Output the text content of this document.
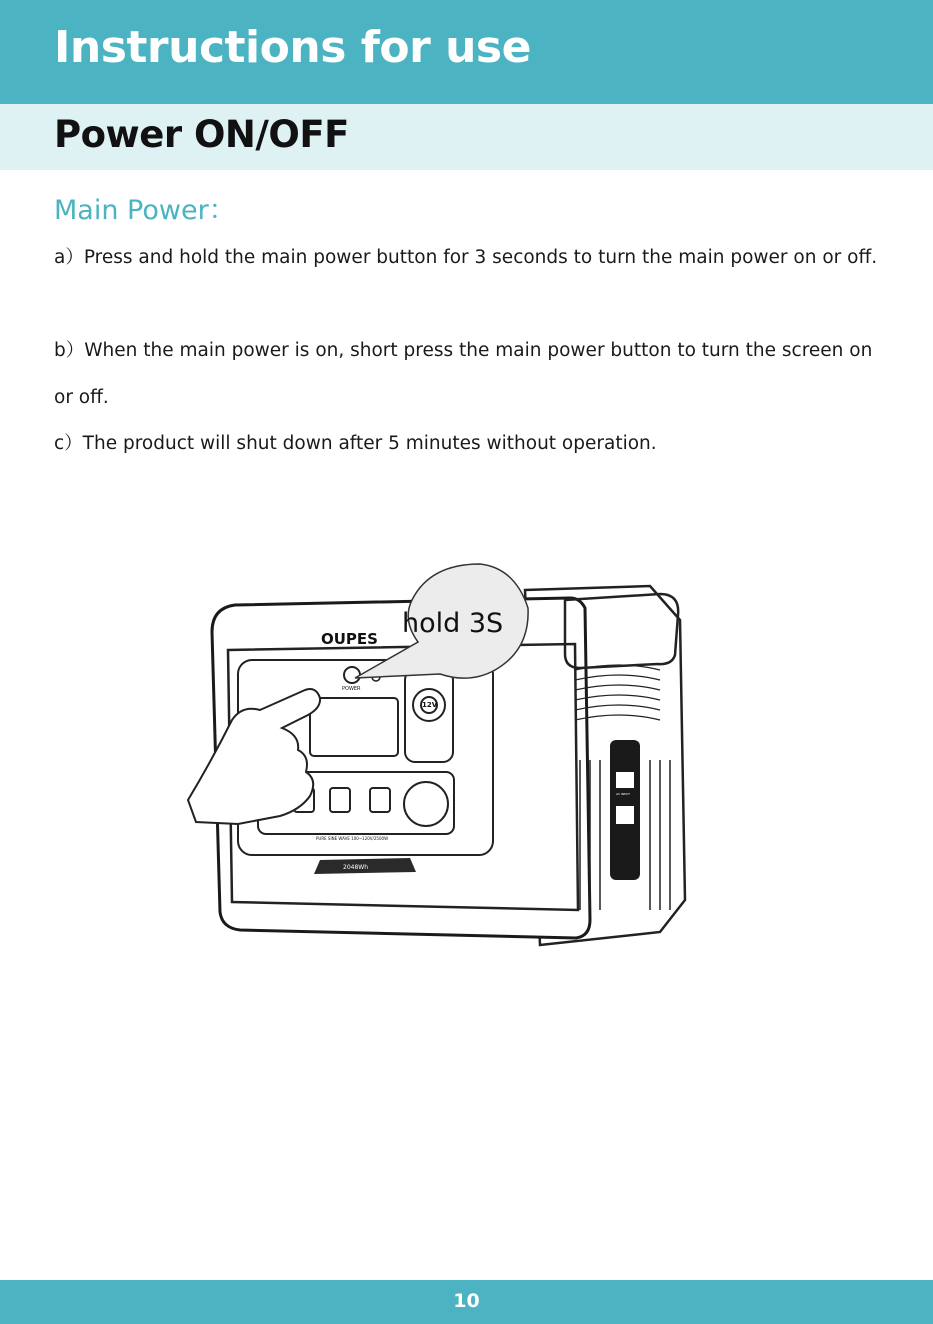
Instructions for use
Power ON/OFF
Main Power：

a）Press and hold the main power button for 3 seconds to turn the main power on or off.

b）When the main power is on, short press the main power button to turn the screen on or off.

c）The product will shut down after 5 minutes without operation.

hold 3S
OUPES
POWER
12V
PURE SINE WAVE 100~120V/2500W
2048Wh
AC INPUT
10
